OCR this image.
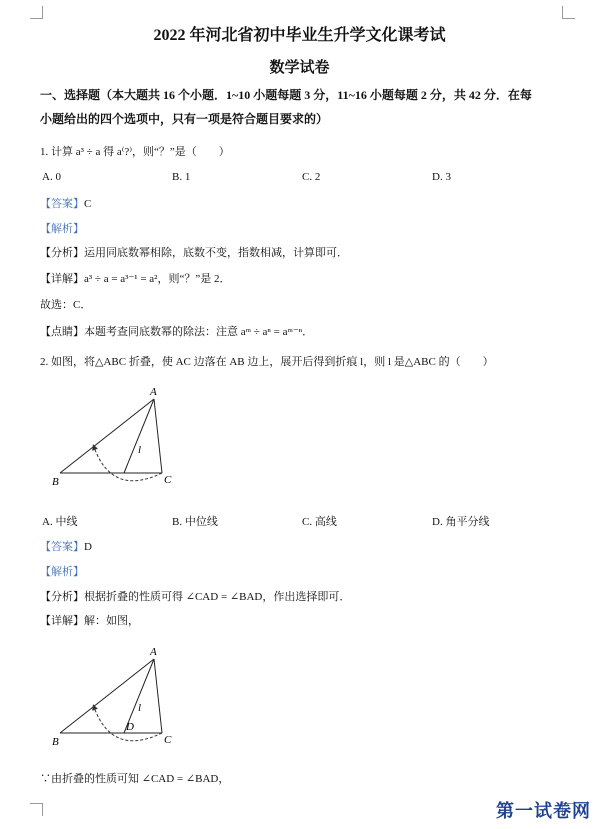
2022 年河北省初中毕业生升学文化课考试
数学试卷
一、选择题（本大题共 16 个小题．1~10 小题每题 3 分，11~16 小题每题 2 分，共 42 分．在每
小题给出的四个选项中，只有一项是符合题目要求的）
1. 计算 a³ ÷ a 得 a⁽?⁾，则“？”是（　　）
A. 0	B. 1	C. 2	D. 3
【答案】C
【解析】
【分析】运用同底数幂相除，底数不变，指数相减，计算即可．
【详解】a³ ÷ a = a³⁻¹ = a²，则“？”是 2．
故选：C．
【点睛】本题考查同底数幂的除法：注意 aᵐ ÷ aⁿ = aᵐ⁻ⁿ．
2. 如图，将△ABC 折叠，使 AC 边落在 AB 边上，展开后得到折痕 l，则 l 是△ABC 的（　　）
A
B	C
l
A. 中线	B. 中位线	C. 高线	D. 角平分线
【答案】D
【解析】
【分析】根据折叠的性质可得 ∠CAD = ∠BAD，作出选择即可．
【详解】解：如图，
A
B	C
D
l
∵由折叠的性质可知 ∠CAD = ∠BAD，
第一试卷网
